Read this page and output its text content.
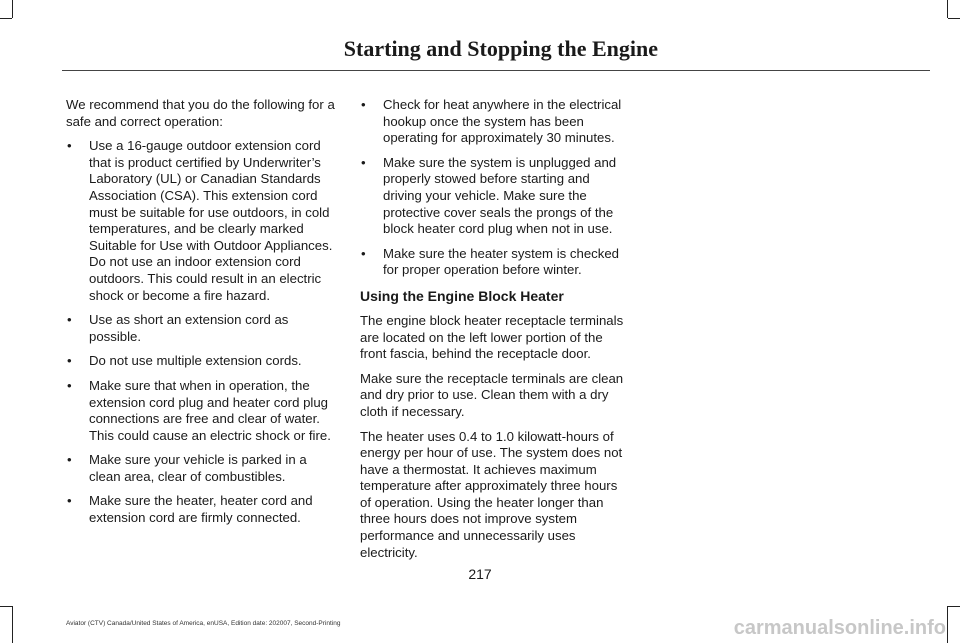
Starting and Stopping the Engine

We recommend that you do the following for a safe and correct operation:

• Use a 16-gauge outdoor extension cord that is product certified by Underwriter’s Laboratory (UL) or Canadian Standards Association (CSA). This extension cord must be suitable for use outdoors, in cold temperatures, and be clearly marked Suitable for Use with Outdoor Appliances. Do not use an indoor extension cord outdoors. This could result in an electric shock or become a fire hazard.
• Use as short an extension cord as possible.
• Do not use multiple extension cords.
• Make sure that when in operation, the extension cord plug and heater cord plug connections are free and clear of water. This could cause an electric shock or fire.
• Make sure your vehicle is parked in a clean area, clear of combustibles.
• Make sure the heater, heater cord and extension cord are firmly connected.
• Check for heat anywhere in the electrical hookup once the system has been operating for approximately 30 minutes.
• Make sure the system is unplugged and properly stowed before starting and driving your vehicle. Make sure the protective cover seals the prongs of the block heater cord plug when not in use.
• Make sure the heater system is checked for proper operation before winter.
Using the Engine Block Heater

The engine block heater receptacle terminals are located on the left lower portion of the front fascia, behind the receptacle door.

Make sure the receptacle terminals are clean and dry prior to use. Clean them with a dry cloth if necessary.

The heater uses 0.4 to 1.0 kilowatt-hours of energy per hour of use. The system does not have a thermostat. It achieves maximum temperature after approximately three hours of operation. Using the heater longer than three hours does not improve system performance and unnecessarily uses electricity.

217
Aviator (CTV) Canada/United States of America, enUSA, Edition date: 202007, Second-Printing	carmanualsonline.info
